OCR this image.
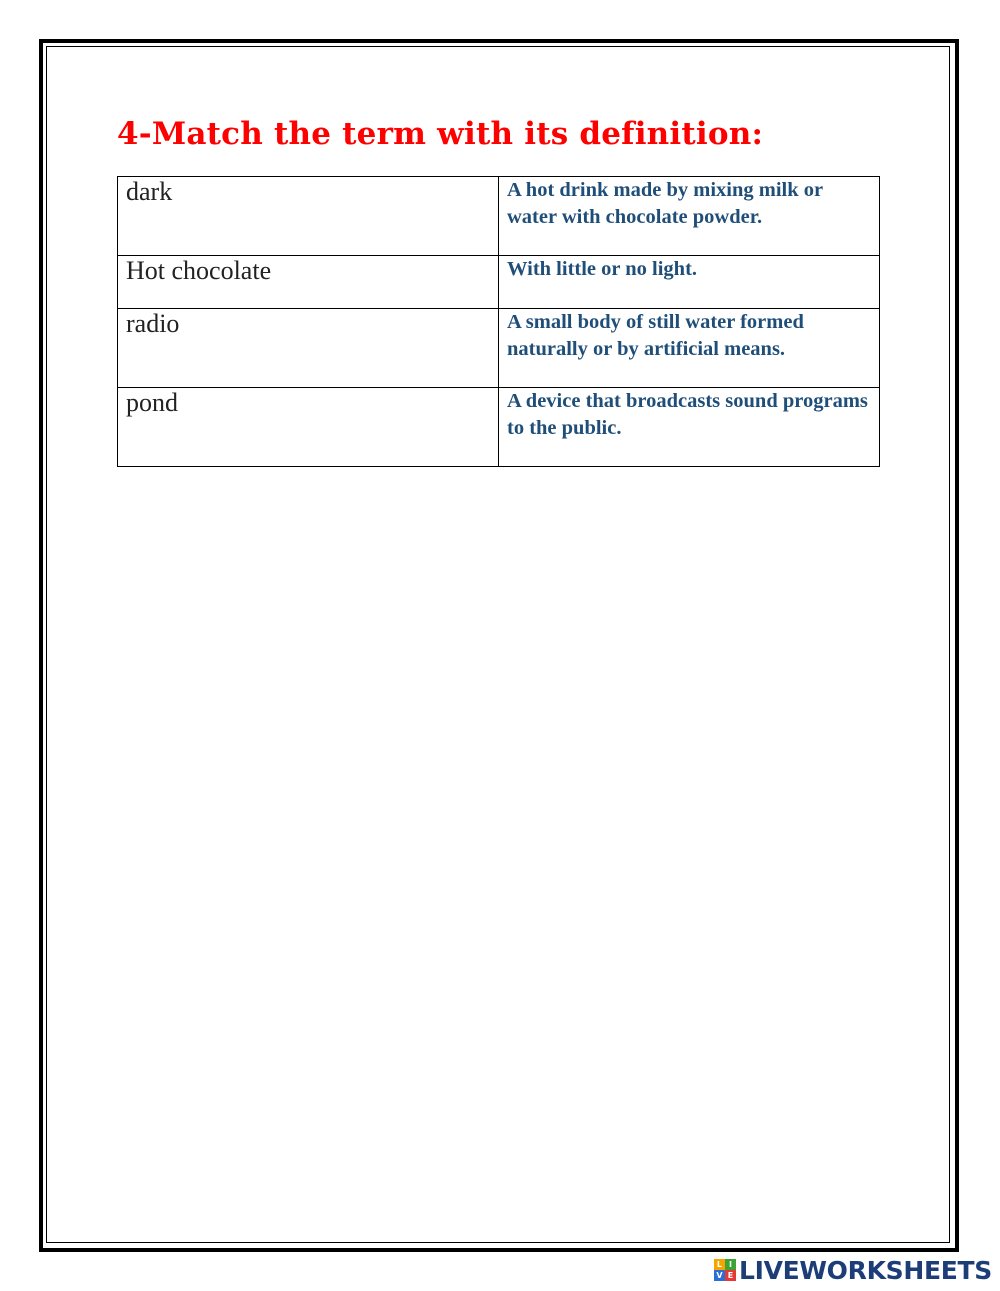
4-Match the term with its definition:
dark	A hot drink made by mixing milk or water with chocolate powder.
Hot chocolate	With little or no light.
radio	A small body of still water formed naturally or by artificial means.
pond	A device that broadcasts sound programs to the public.
L I
V E LIVEWORKSHEETS
